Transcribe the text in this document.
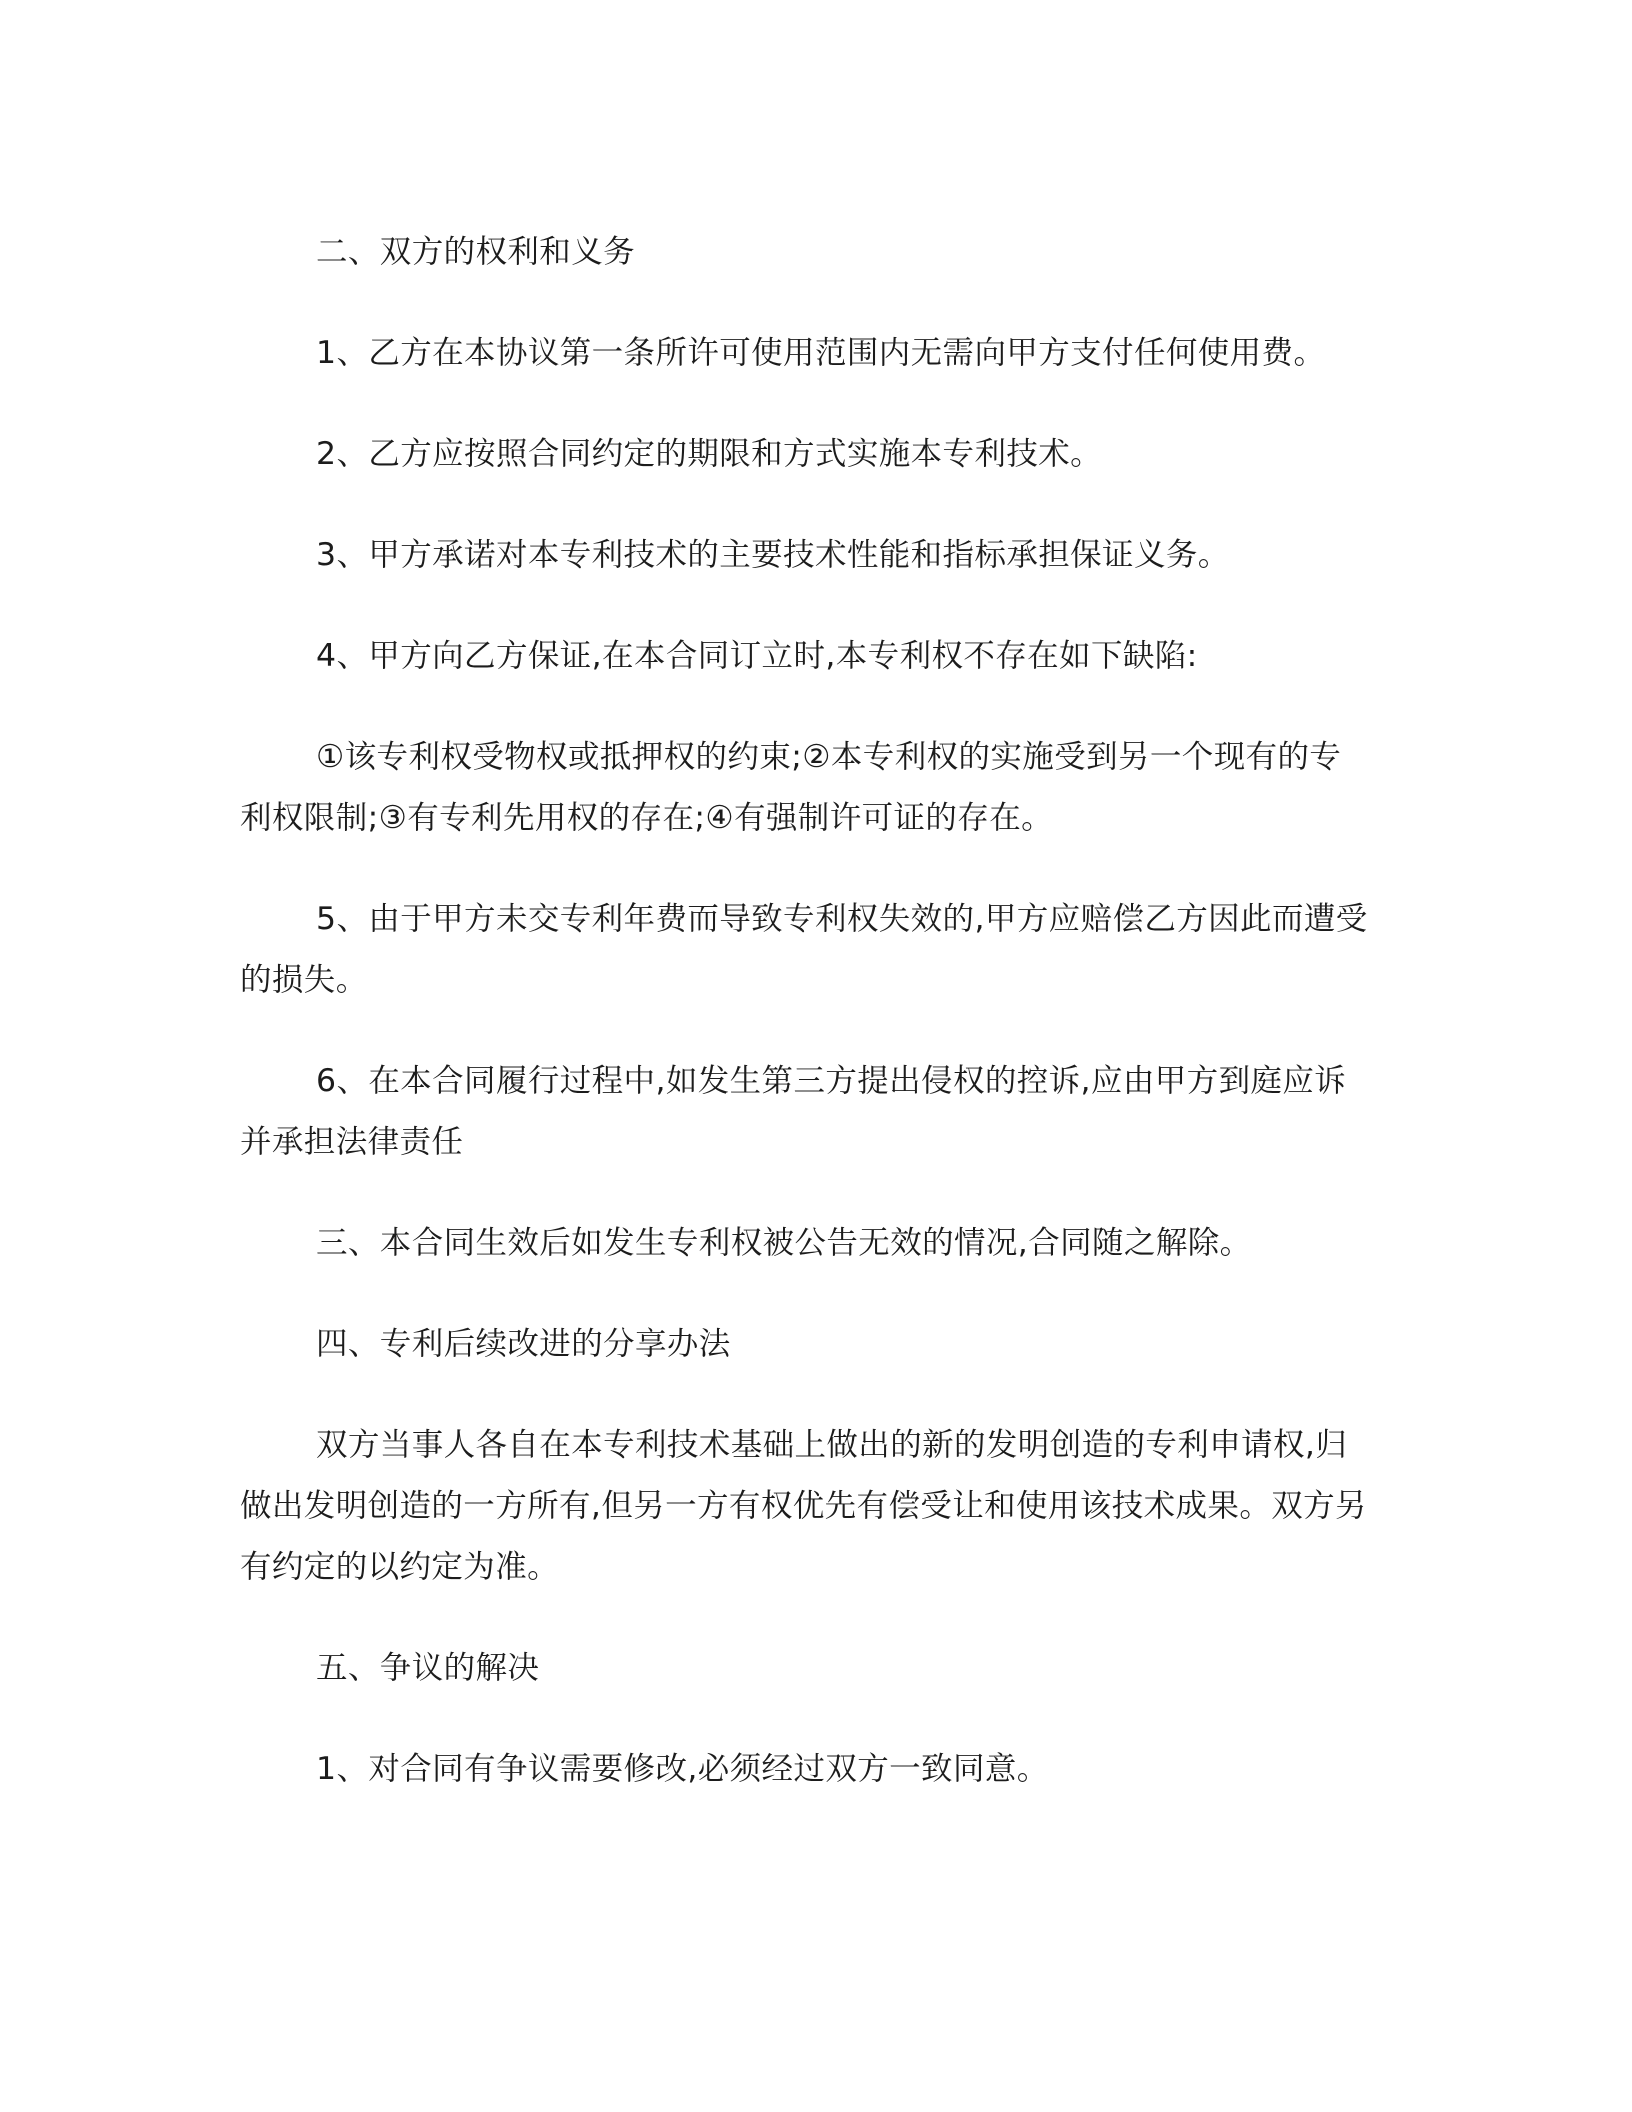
二、双方的权利和义务

1、乙方在本协议第一条所许可使用范围内无需向甲方支付任何使用费。

2、乙方应按照合同约定的期限和方式实施本专利技术。

3、甲方承诺对本专利技术的主要技术性能和指标承担保证义务。

4、甲方向乙方保证,在本合同订立时,本专利权不存在如下缺陷:

①该专利权受物权或抵押权的约束;②本专利权的实施受到另一个现有的专利权限制;③有专利先用权的存在;④有强制许可证的存在。

5、由于甲方未交专利年费而导致专利权失效的,甲方应赔偿乙方因此而遭受的损失。

6、在本合同履行过程中,如发生第三方提出侵权的控诉,应由甲方到庭应诉并承担法律责任

三、本合同生效后如发生专利权被公告无效的情况,合同随之解除。

四、专利后续改进的分享办法

双方当事人各自在本专利技术基础上做出的新的发明创造的专利申请权,归做出发明创造的一方所有,但另一方有权优先有偿受让和使用该技术成果。双方另有约定的以约定为准。

五、争议的解决

1、对合同有争议需要修改,必须经过双方一致同意。
